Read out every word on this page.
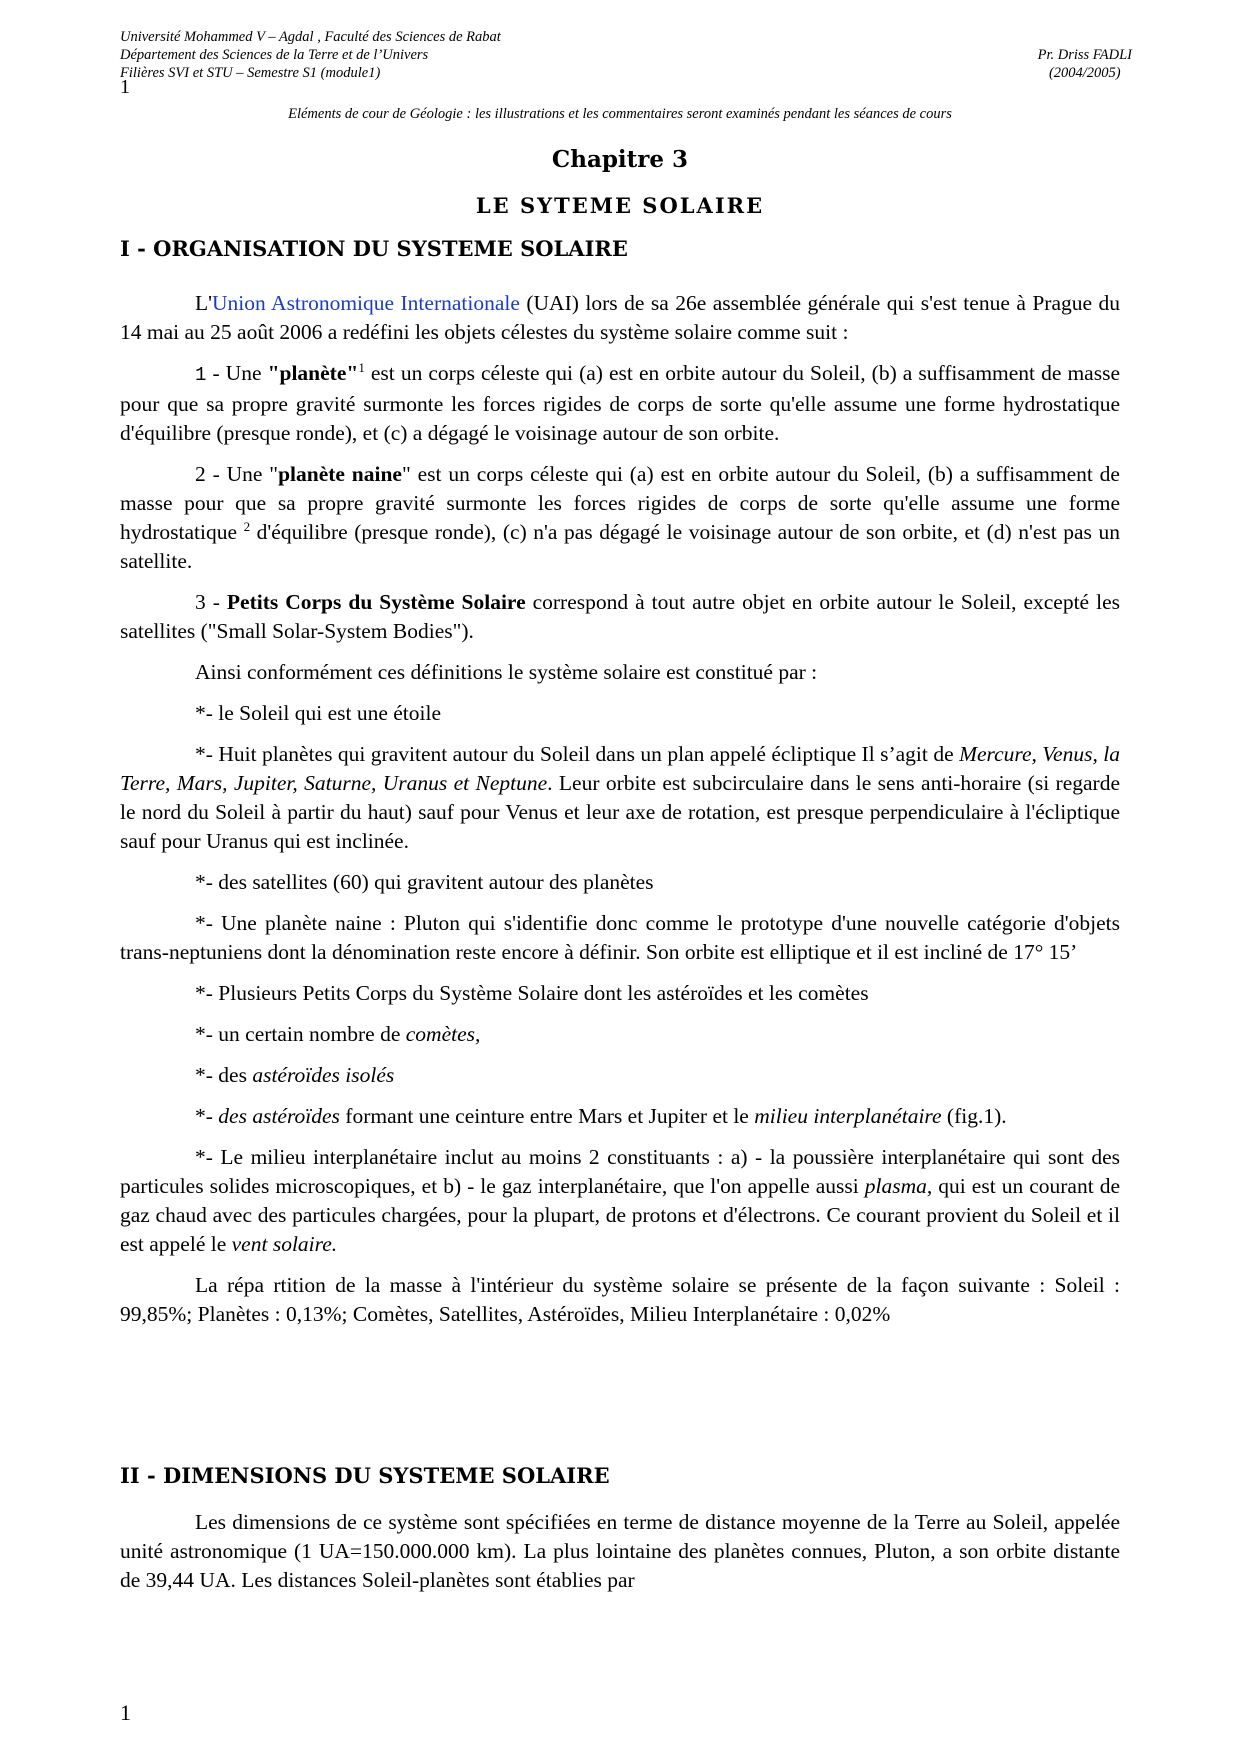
Université Mohammed V – Agdal , Faculté des Sciences de Rabat
Département des Sciences de la Terre et de l’Univers
Filières SVI et STU – Semestre S1 (module1)
Pr. Driss FADLI
(2004/2005)
1
Eléments de cour de Géologie : les illustrations et les commentaires seront examinés pendant les séances de cours
Chapitre 3
LE SYTEME SOLAIRE
I - ORGANISATION DU SYSTEME SOLAIRE

L'Union Astronomique Internationale (UAI) lors de sa 26e assemblée générale qui s'est tenue à Prague du 14 mai au 25 août 2006 a redéfini les objets célestes du système solaire comme suit :

1 - Une "planète"$^1$ est un corps céleste qui (a) est en orbite autour du Soleil, (b) a suffisamment de masse pour que sa propre gravité surmonte les forces rigides de corps de sorte qu'elle assume une forme hydrostatique d'équilibre (presque ronde), et (c) a dégagé le voisinage autour de son orbite.

2 - Une "planète naine" est un corps céleste qui (a) est en orbite autour du Soleil, (b) a suffisamment de masse pour que sa propre gravité surmonte les forces rigides de corps de sorte qu'elle assume une forme hydrostatique $^2$ d'équilibre (presque ronde), (c) n'a pas dégagé le voisinage autour de son orbite, et (d) n'est pas un satellite.

3 - Petits Corps du Système Solaire correspond à tout autre objet en orbite autour le Soleil, excepté les satellites ("Small Solar-System Bodies").

Ainsi conformément ces définitions le système solaire est constitué par :

*- le Soleil qui est une étoile

*- Huit planètes qui gravitent autour du Soleil dans un plan appelé écliptique Il s’agit de Mercure, Venus, la Terre, Mars, Jupiter, Saturne, Uranus et Neptune. Leur orbite est subcirculaire dans le sens anti-horaire (si regarde le nord du Soleil à partir du haut) sauf pour Venus et leur axe de rotation, est presque perpendiculaire à l'écliptique sauf pour Uranus qui est inclinée.

*- des satellites (60) qui gravitent autour des planètes

*- Une planète naine : Pluton qui s'identifie donc comme le prototype d'une nouvelle catégorie d'objets trans-neptuniens dont la dénomination reste encore à définir. Son orbite est elliptique et il est incliné de 17° 15’

*- Plusieurs Petits Corps du Système Solaire dont les astéroïdes et les comètes

*- un certain nombre de comètes,

*- des astéroïdes isolés

*- des astéroïdes formant une ceinture entre Mars et Jupiter et le milieu interplanétaire (fig.1).

*- Le milieu interplanétaire inclut au moins 2 constituants : a) - la poussière interplanétaire qui sont des particules solides microscopiques, et b) - le gaz interplanétaire, que l'on appelle aussi plasma, qui est un courant de gaz chaud avec des particules chargées, pour la plupart, de protons et d'électrons. Ce courant provient du Soleil et il est appelé le vent solaire.

La répa rtition de la masse à l'intérieur du système solaire se présente de la façon suivante : Soleil : 99,85%; Planètes : 0,13%; Comètes, Satellites, Astéroïdes, Milieu Interplanétaire : 0,02%

II - DIMENSIONS DU SYSTEME SOLAIRE

Les dimensions de ce système sont spécifiées en terme de distance moyenne de la Terre au Soleil, appelée unité astronomique (1 UA=150.000.000 km). La plus lointaine des planètes connues, Pluton, a son orbite distante de 39,44 UA. Les distances Soleil-planètes sont établies par

1
